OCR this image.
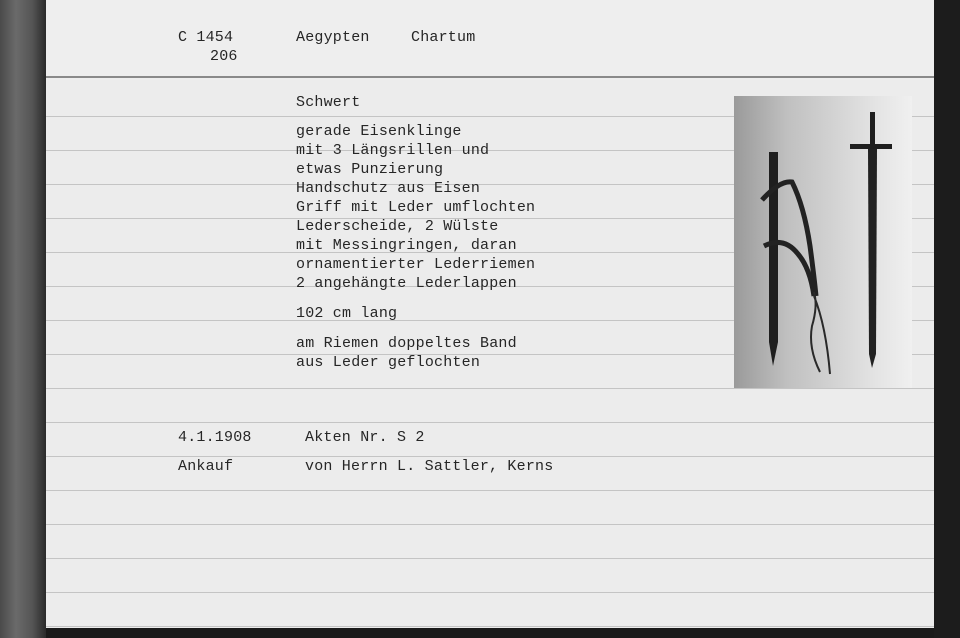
C 1454
206
Aegypten	Chartum
Schwert
gerade Eisenklinge
mit 3 Längsrillen und
etwas Punzierung
Handschutz aus Eisen
Griff mit Leder umflochten
Lederscheide, 2 Wülste
mit Messingringen, daran
ornamentierter Lederriemen
2 angehängte Lederlappen
102 cm lang
am Riemen doppeltes Band
aus Leder geflochten
4.1.1908	Akten Nr. S 2
Ankauf	von Herrn L. Sattler, Kerns
